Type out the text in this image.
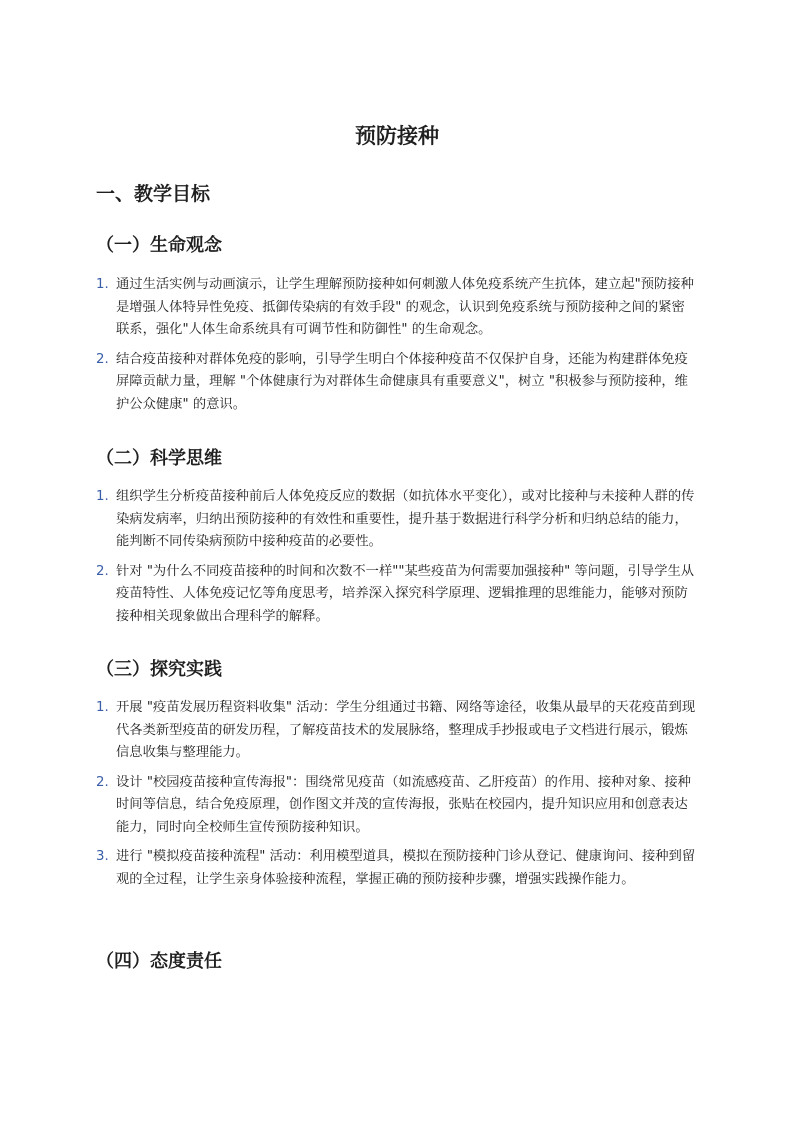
预防接种
一、教学目标
（一）生命观念
1. 通过生活实例与动画演示，让学生理解预防接种如何刺激人体免疫系统产生抗体，建立起"预防接种是增强人体特异性免疫、抵御传染病的有效手段" 的观念，认识到免疫系统与预防接种之间的紧密联系，强化"人体生命系统具有可调节性和防御性" 的生命观念。
2. 结合疫苗接种对群体免疫的影响，引导学生明白个体接种疫苗不仅保护自身，还能为构建群体免疫屏障贡献力量，理解 "个体健康行为对群体生命健康具有重要意义"，树立 "积极参与预防接种，维护公众健康" 的意识。
（二）科学思维
1. 组织学生分析疫苗接种前后人体免疫反应的数据（如抗体水平变化），或对比接种与未接种人群的传染病发病率，归纳出预防接种的有效性和重要性，提升基于数据进行科学分析和归纳总结的能力，能判断不同传染病预防中接种疫苗的必要性。
2. 针对 "为什么不同疫苗接种的时间和次数不一样""某些疫苗为何需要加强接种" 等问题，引导学生从疫苗特性、人体免疫记忆等角度思考，培养深入探究科学原理、逻辑推理的思维能力，能够对预防接种相关现象做出合理科学的解释。
（三）探究实践
1. 开展 "疫苗发展历程资料收集" 活动：学生分组通过书籍、网络等途径，收集从最早的天花疫苗到现代各类新型疫苗的研发历程，了解疫苗技术的发展脉络，整理成手抄报或电子文档进行展示，锻炼信息收集与整理能力。
2. 设计 "校园疫苗接种宣传海报"：围绕常见疫苗（如流感疫苗、乙肝疫苗）的作用、接种对象、接种时间等信息，结合免疫原理，创作图文并茂的宣传海报，张贴在校园内，提升知识应用和创意表达能力，同时向全校师生宣传预防接种知识。
3. 进行 "模拟疫苗接种流程" 活动：利用模型道具，模拟在预防接种门诊从登记、健康询问、接种到留观的全过程，让学生亲身体验接种流程，掌握正确的预防接种步骤，增强实践操作能力。
（四）态度责任
